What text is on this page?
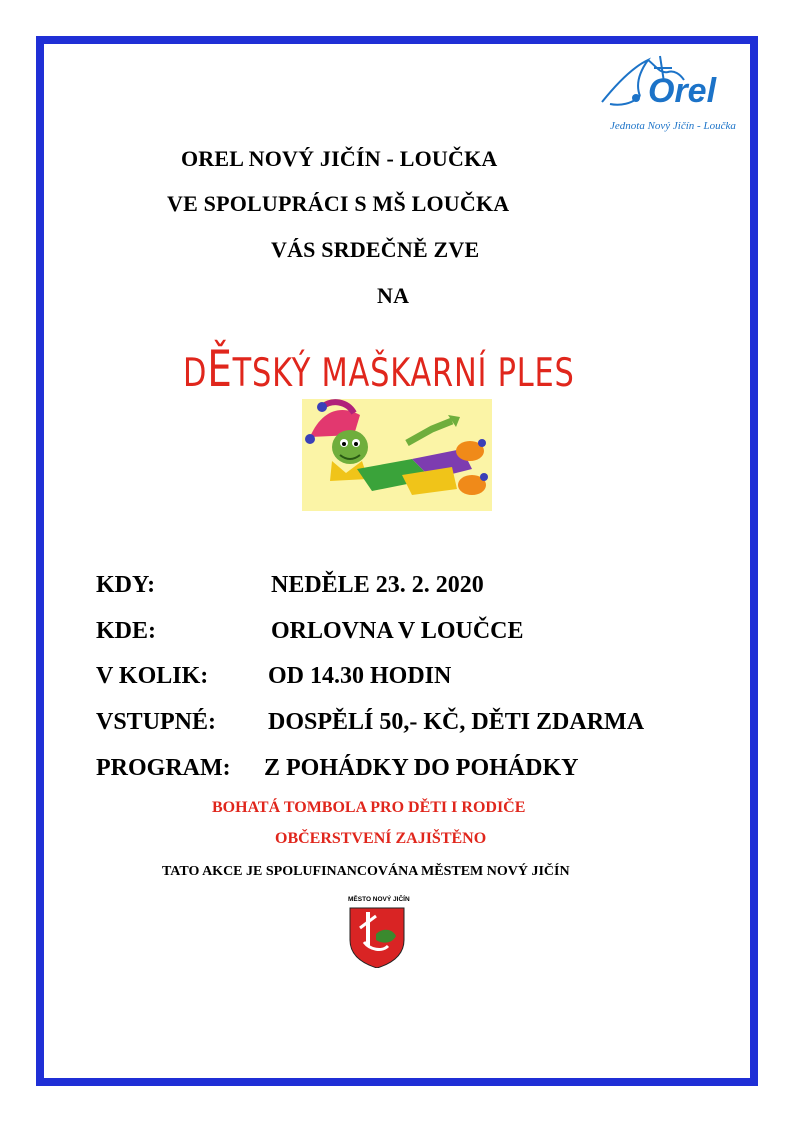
Orel
Jednota Nový Jičín - Loučka
OREL NOVÝ JIČÍN - LOUČKA
VE SPOLUPRÁCI S MŠ LOUČKA
VÁS SRDEČNĚ ZVE
NA
DĚTSKÝ MAŠKARNÍ PLES
KDY:	NEDĚLE 23. 2. 2020
KDE:	ORLOVNA V LOUČCE
V KOLIK: OD 14.30 HODIN
VSTUPNÉ: DOSPĚLÍ 50,- KČ, DĚTI ZDARMA
PROGRAM: Z POHÁDKY DO POHÁDKY
BOHATÁ TOMBOLA PRO DĚTI I RODIČE
OBČERSTVENÍ ZAJIŠTĚNO
TATO AKCE JE SPOLUFINANCOVÁNA MĚSTEM NOVÝ JIČÍN
MĚSTO NOVÝ JIČÍN
